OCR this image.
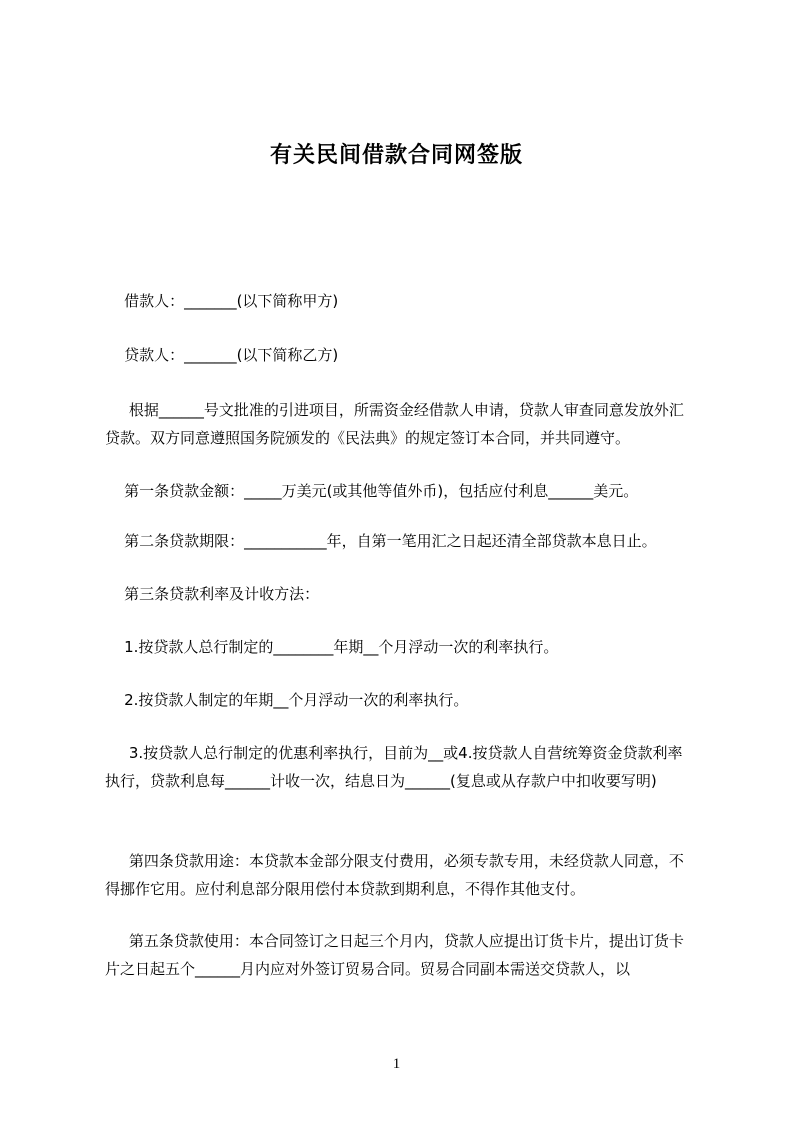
有关民间借款合同网签版
借款人：_______(以下简称甲方)
贷款人：_______(以下简称乙方)
根据______号文批准的引进项目，所需资金经借款人申请，贷款人审查同意发放外汇贷款。双方同意遵照国务院颁发的《民法典》的规定签订本合同，并共同遵守。
第一条贷款金额：_____万美元(或其他等值外币)，包括应付利息______美元。
第二条贷款期限：___________年，自第一笔用汇之日起还清全部贷款本息日止。
第三条贷款利率及计收方法：
1.按贷款人总行制定的________年期__个月浮动一次的利率执行。
2.按贷款人制定的年期__个月浮动一次的利率执行。
3.按贷款人总行制定的优惠利率执行，目前为__或4.按贷款人自营统筹资金贷款利率执行，贷款利息每______计收一次，结息日为______(复息或从存款户中扣收要写明)
第四条贷款用途：本贷款本金部分限支付费用，必须专款专用，未经贷款人同意，不得挪作它用。应付利息部分限用偿付本贷款到期利息，不得作其他支付。
第五条贷款使用：本合同签订之日起三个月内，贷款人应提出订货卡片，提出订货卡片之日起五个______月内应对外签订贸易合同。贸易合同副本需送交贷款人，以
1
